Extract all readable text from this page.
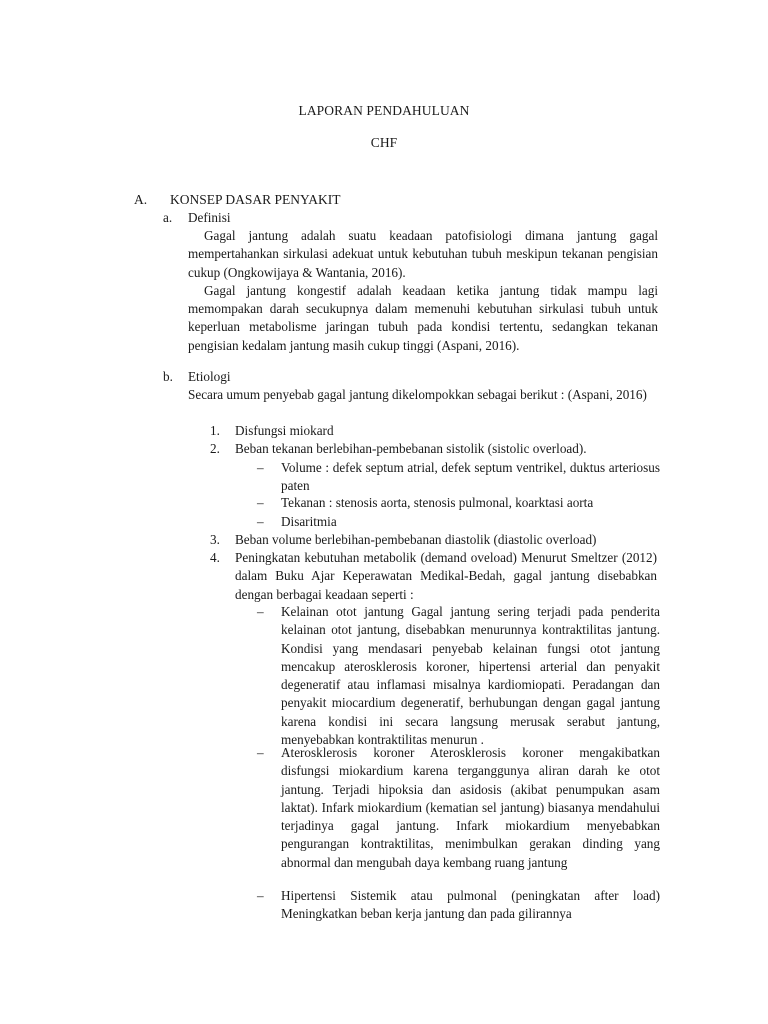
LAPORAN PENDAHULUAN
CHF
A. KONSEP DASAR PENYAKIT
a. Definisi

Gagal jantung adalah suatu keadaan patofisiologi dimana jantung gagal mempertahankan sirkulasi adekuat untuk kebutuhan tubuh meskipun tekanan pengisian cukup (Ongkowijaya & Wantania, 2016).

Gagal jantung kongestif adalah keadaan ketika jantung tidak mampu lagi memompakan darah secukupnya dalam memenuhi kebutuhan sirkulasi tubuh untuk keperluan metabolisme jaringan tubuh pada kondisi tertentu, sedangkan tekanan pengisian kedalam jantung masih cukup tinggi (Aspani, 2016).

b. Etiologi

Secara umum penyebab gagal jantung dikelompokkan sebagai berikut : (Aspani, 2016)

1.	Disfungsi miokard

2.	Beban tekanan berlebihan-pembebanan sistolik (sistolic overload).

–	Volume : defek septum atrial, defek septum ventrikel, duktus arteriosus paten

–	Tekanan : stenosis aorta, stenosis pulmonal, koarktasi aorta

–	Disaritmia

3.	Beban volume berlebihan-pembebanan diastolik (diastolic overload)

4.	Peningkatan kebutuhan metabolik (demand oveload) Menurut Smeltzer (2012) dalam Buku Ajar Keperawatan Medikal-Bedah, gagal jantung disebabkan dengan berbagai keadaan seperti :

–	Kelainan otot jantung Gagal jantung sering terjadi pada penderita kelainan otot jantung, disebabkan menurunnya kontraktilitas jantung. Kondisi yang mendasari penyebab kelainan fungsi otot jantung mencakup aterosklerosis koroner, hipertensi arterial dan penyakit degeneratif atau inflamasi misalnya kardiomiopati. Peradangan dan penyakit miocardium degeneratif, berhubungan dengan gagal jantung karena kondisi ini secara langsung merusak serabut jantung, menyebabkan kontraktilitas menurun .

–	Aterosklerosis koroner Aterosklerosis koroner mengakibatkan disfungsi miokardium karena terganggunya aliran darah ke otot jantung. Terjadi hipoksia dan asidosis (akibat penumpukan asam laktat). Infark miokardium (kematian sel jantung) biasanya mendahului terjadinya gagal jantung. Infark miokardium menyebabkan pengurangan kontraktilitas, menimbulkan gerakan dinding yang abnormal dan mengubah daya kembang ruang jantung

–	Hipertensi Sistemik atau pulmonal (peningkatan after load) Meningkatkan beban kerja jantung dan pada gilirannya
